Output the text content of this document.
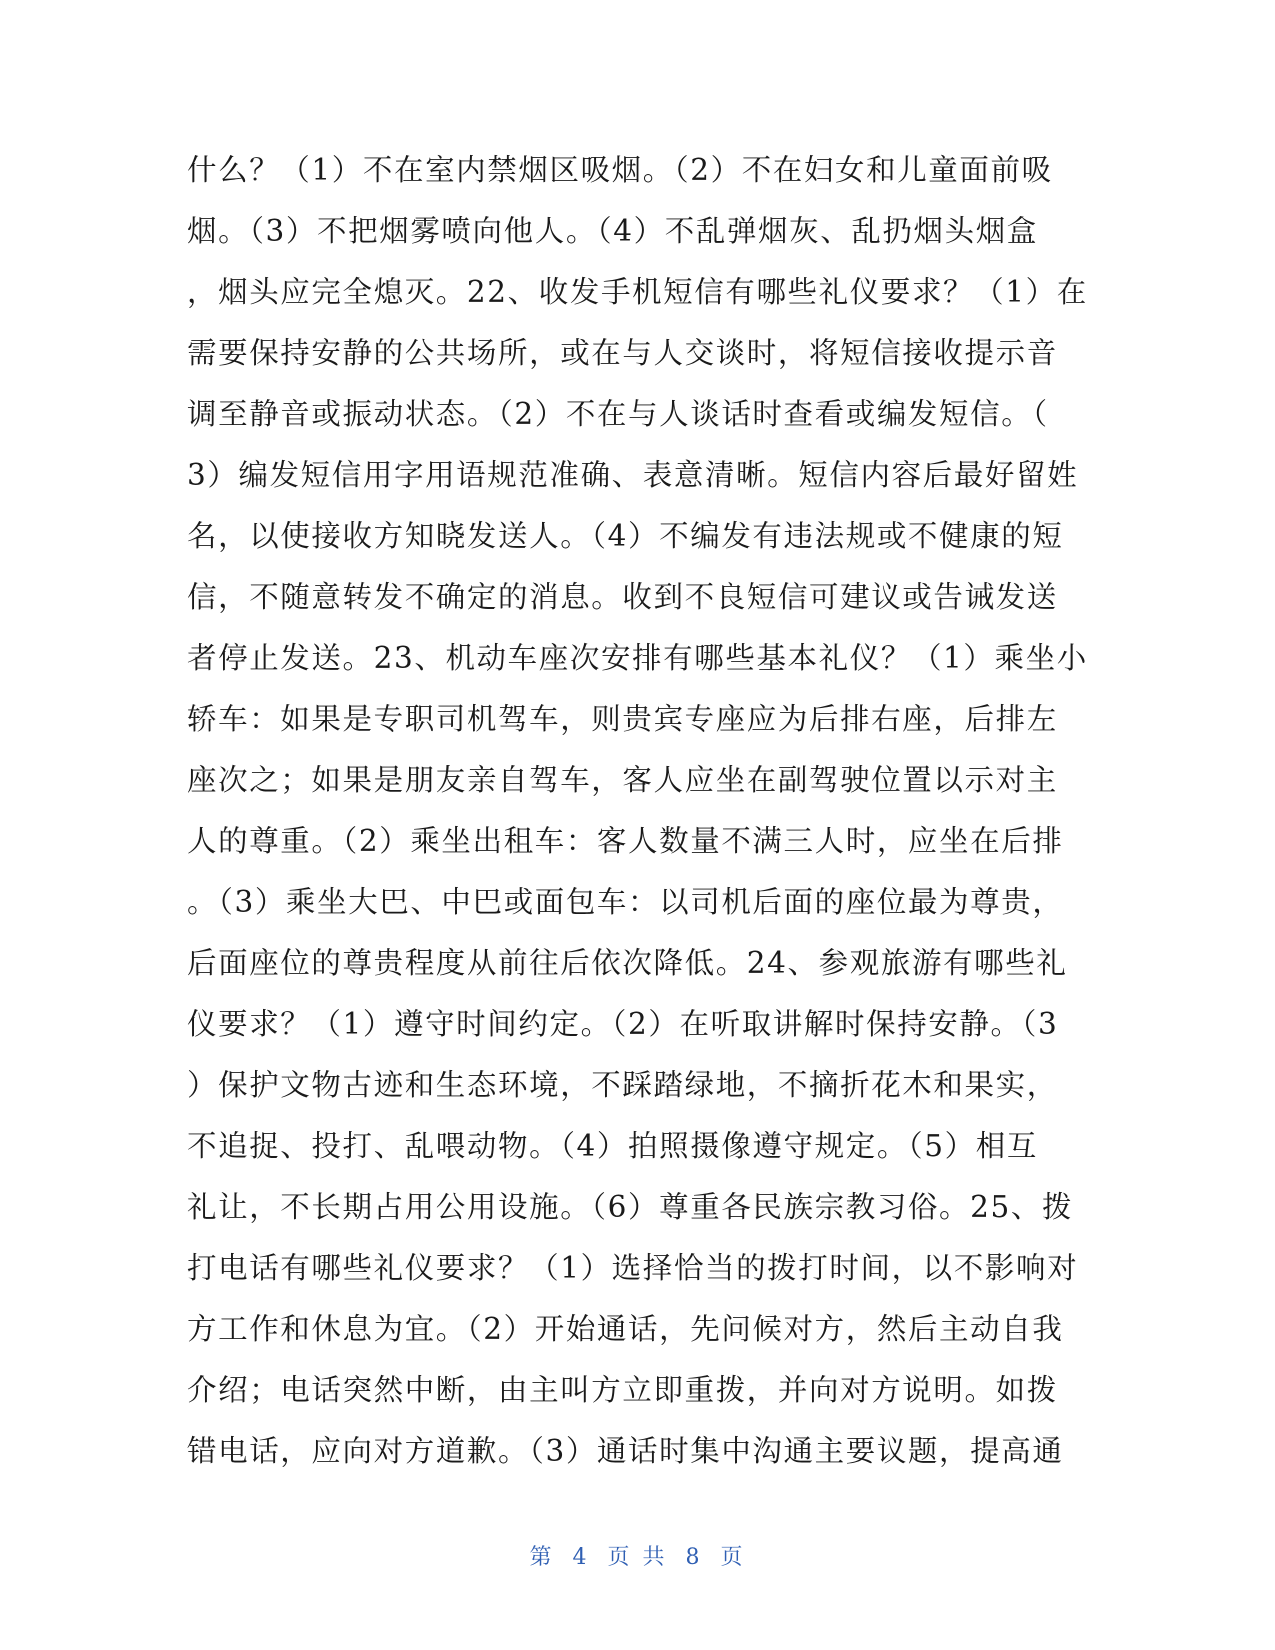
什么？（1）不在室内禁烟区吸烟。（2）不在妇女和儿童面前吸
烟。（3）不把烟雾喷向他人。（4）不乱弹烟灰、乱扔烟头烟盒
，烟头应完全熄灭。22、收发手机短信有哪些礼仪要求？（1）在
需要保持安静的公共场所，或在与人交谈时，将短信接收提示音
调至静音或振动状态。（2）不在与人谈话时查看或编发短信。（
3）编发短信用字用语规范准确、表意清晰。短信内容后最好留姓
名，以使接收方知晓发送人。（4）不编发有违法规或不健康的短
信，不随意转发不确定的消息。收到不良短信可建议或告诫发送
者停止发送。23、机动车座次安排有哪些基本礼仪？（1）乘坐小
轿车：如果是专职司机驾车，则贵宾专座应为后排右座，后排左
座次之；如果是朋友亲自驾车，客人应坐在副驾驶位置以示对主
人的尊重。（2）乘坐出租车：客人数量不满三人时，应坐在后排
。（3）乘坐大巴、中巴或面包车：以司机后面的座位最为尊贵，
后面座位的尊贵程度从前往后依次降低。24、参观旅游有哪些礼
仪要求？（1）遵守时间约定。（2）在听取讲解时保持安静。（3
）保护文物古迹和生态环境，不踩踏绿地，不摘折花木和果实，
不追捉、投打、乱喂动物。（4）拍照摄像遵守规定。（5）相互
礼让，不长期占用公用设施。（6）尊重各民族宗教习俗。25、拨
打电话有哪些礼仪要求？（1）选择恰当的拨打时间，以不影响对
方工作和休息为宜。（2）开始通话，先问候对方，然后主动自我
介绍；电话突然中断，由主叫方立即重拨，并向对方说明。如拨
错电话，应向对方道歉。（3）通话时集中沟通主要议题，提高通
第 4 页 共 8 页
